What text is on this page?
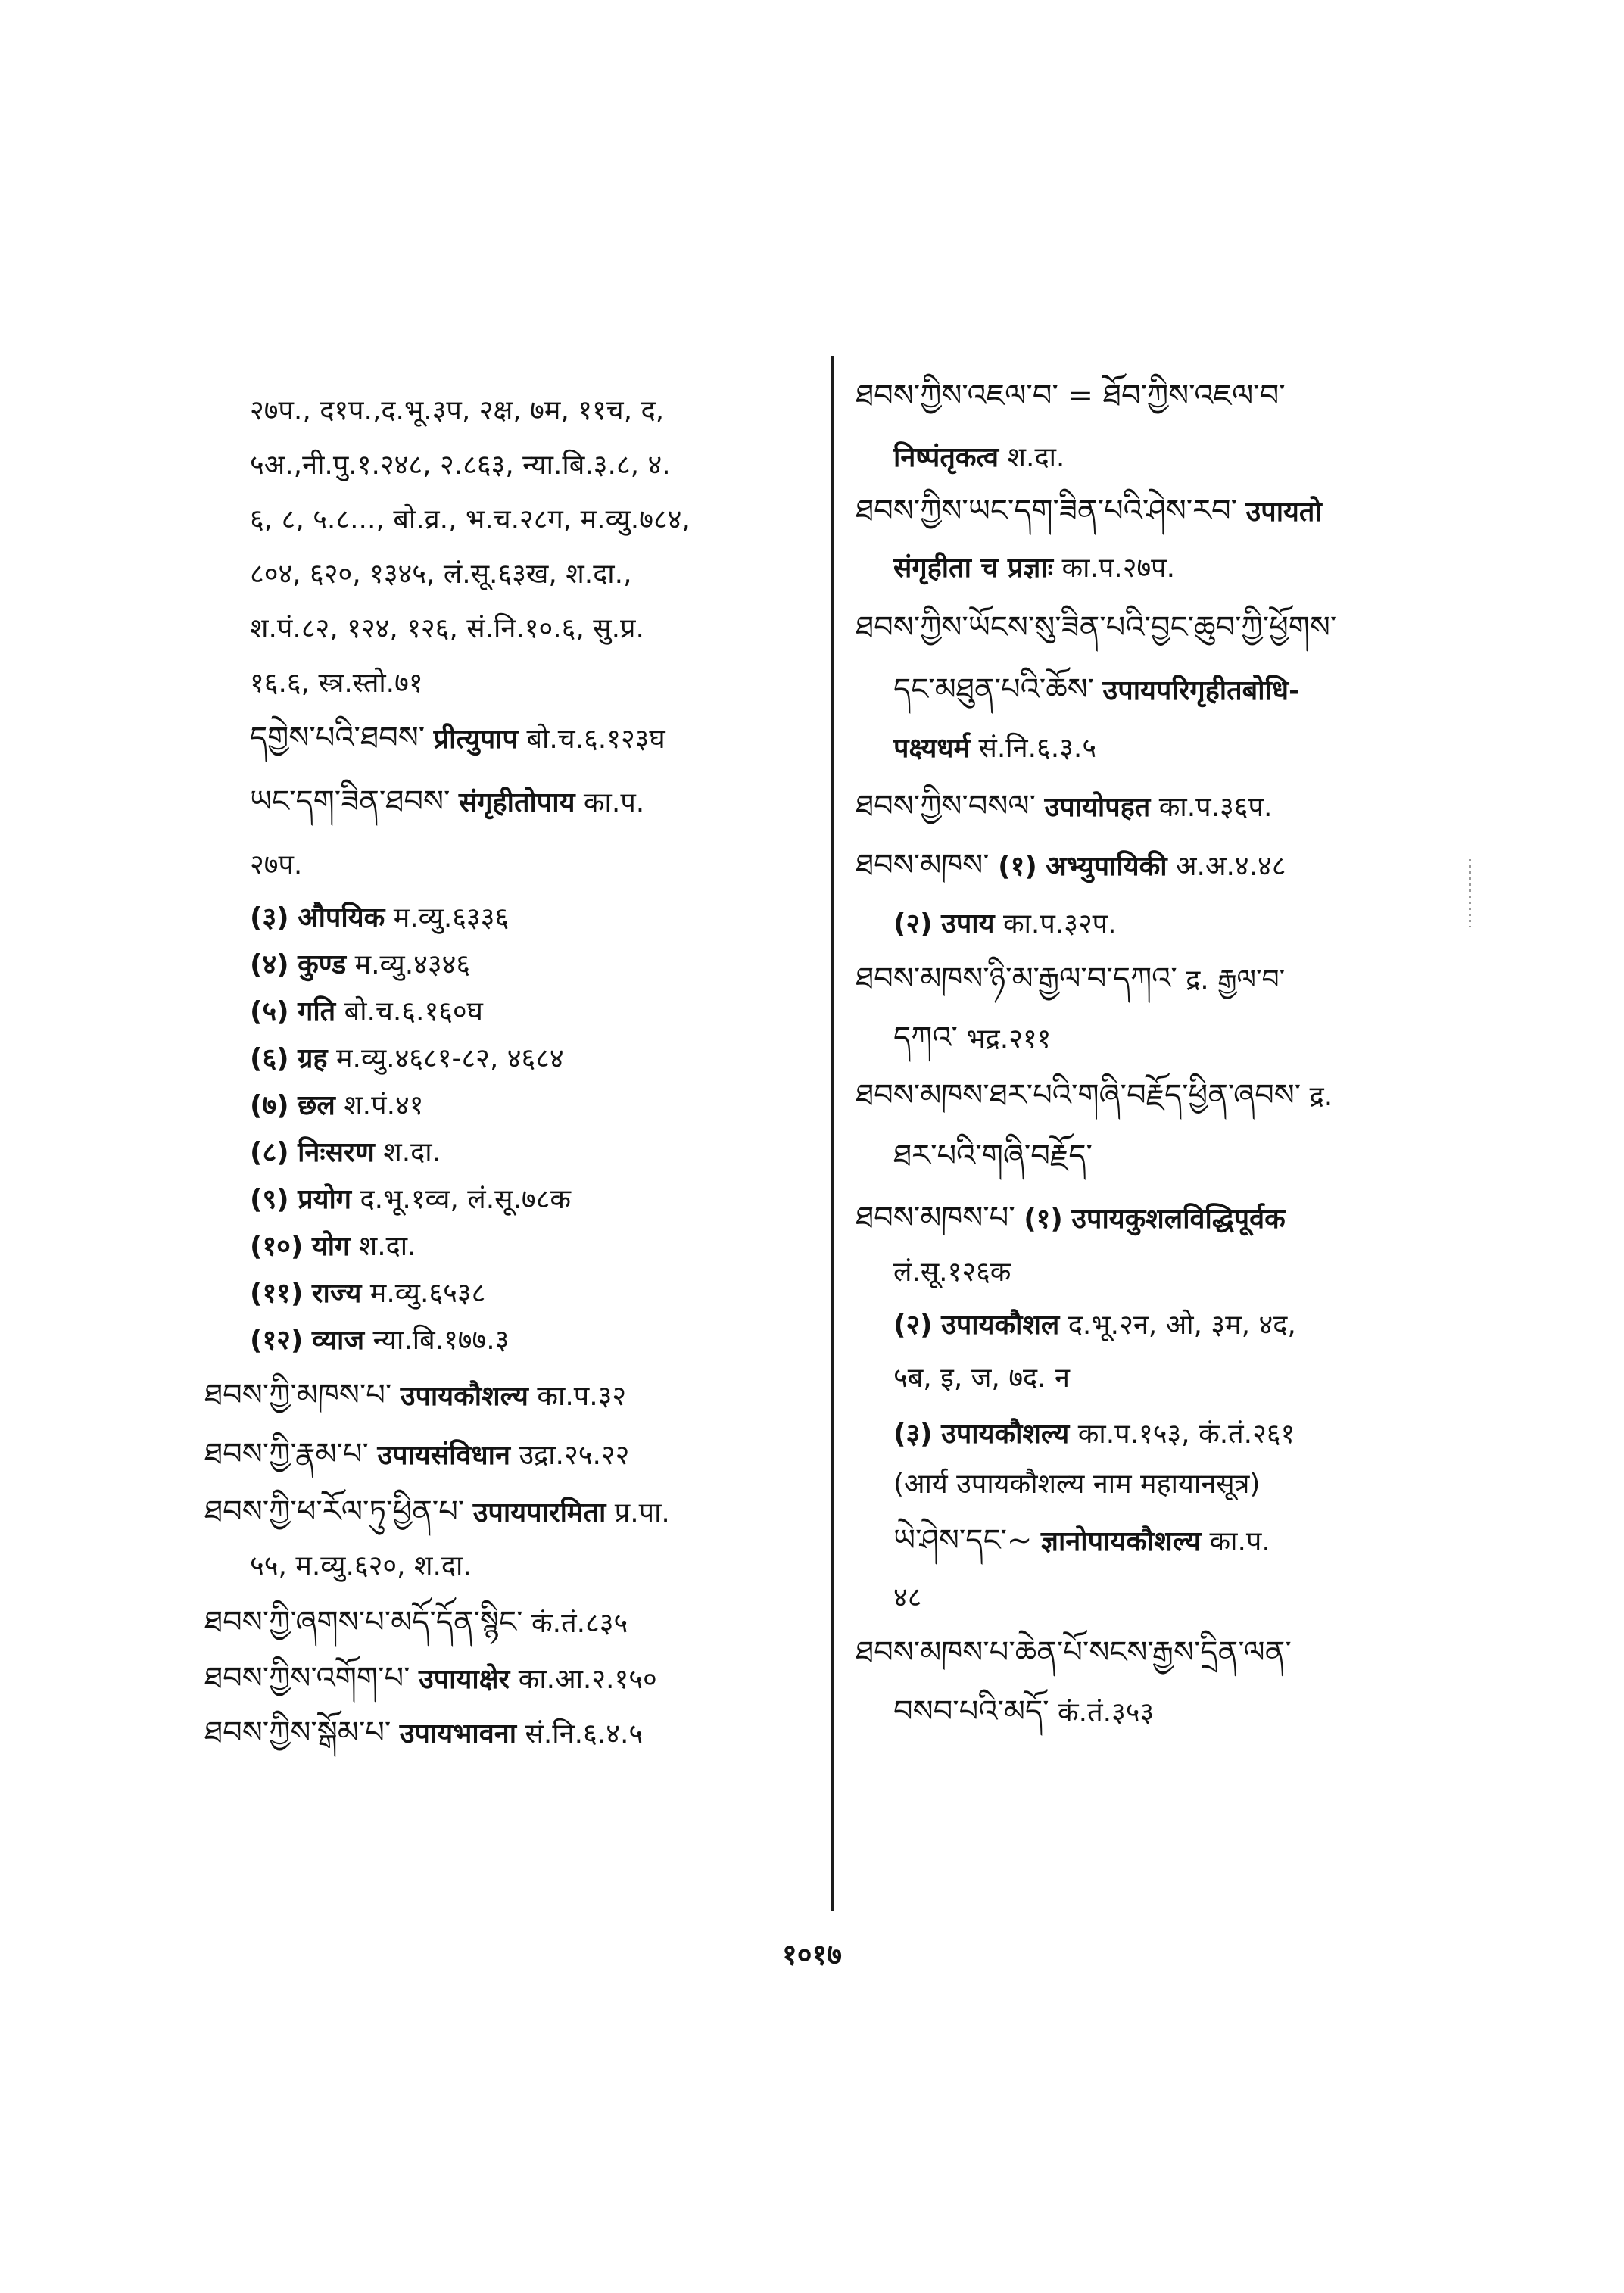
२७प., द१प.,द.भू.३प, २क्ष, ७म, ११च, द,
५अ.,नी.पु.१.२४८, २.८६३, न्या.बि.३.८, ४.
६, ८, ५.८..., बो.व्र., भ.च.२८ग, म.व्यु.७८४,
८०४, ६२०, १३४५, लं.सू.६३ख, श.दा.,
श.पं.८२, १२४, १२६, सं.नि.१०.६, सु.प्र.
१६.६, स्त्र.स्तो.७१
དགྱེས་པའི་ཐབས་ प्रीत्युपाप बो.च.६.१२३घ
ཡང་དག་ཟིན་ཐབས་ संगृहीतोपाय का.प.
२७प.
(३) औपयिक म.व्यु.६३३६
(४) कुण्ड म.व्यु.४३४६
(५) गति बो.च.६.१६०घ
(६) ग्रह म.व्यु.४६८१-८२, ४६८४
(७) छल श.पं.४१
(८) निःसरण श.दा.
(९) प्रयोग द.भू.१व्व, लं.सू.७८क
(१०) योग श.दा.
(११) राज्य म.व्यु.६५३८
(१२) व्याज न्या.बि.१७७.३
ཐབས་ཀྱི་མཁས་པ་ उपायकौशल्य का.प.३२
ཐབས་ཀྱི་རྣམ་པ་ उपायसंविधान उद्रा.२५.२२
ཐབས་ཀྱི་ཕ་རོལ་ཏུ་ཕྱིན་པ་ उपायपारमिता प्र.पा.
५५, म.व्यु.६२०, श.दा.
ཐབས་ཀྱི་ཞགས་པ་མདོ་དོན་སྙིང་ कं.तं.८३५
ཐབས་ཀྱིས་འགོག་པ་ उपायाक्षेर का.आ.२.१५०
ཐབས་ཀྱིས་སྒོམ་པ་ उपायभावना सं.नि.६.४.५
ཐབས་ཀྱིས་འཇལ་བ་ = ཐོབ་ཀྱིས་འཇལ་བ་
निष्पंतृकत्व श.दा.
ཐབས་ཀྱིས་ཡང་དག་ཟིན་པའི་ཤེས་རབ་ उपायतो
संगृहीता च प्रज्ञाः का.प.२७प.
ཐབས་ཀྱིས་ཡོངས་སུ་ཟིན་པའི་བྱང་ཆུབ་ཀྱི་ཕྱོགས་
དང་མཐུན་པའི་ཆོས་ उपायपरिगृहीतबोधि-
पक्ष्यधर्म सं.नि.६.३.५
ཐབས་ཀྱིས་བསལ་ उपायोपहत का.प.३६प.
ཐབས་མཁས་ (१) अभ्युपायिकी अ.अ.४.४८
(२) उपाय का.प.३२प.
ཐབས་མཁས་ཉི་མ་རྒྱལ་བ་དཀའ་ द्र. རྒྱལ་བ་
དཀའ་ भद्र.२११
ཐབས་མཁས་ཐར་པའི་གཞི་བརྗོད་ཕྱིན་ཞབས་ द्र.
ཐར་པའི་གཞི་བརྗོད་
ཐབས་མཁས་པ་ (१) उपायकुशलविद्धिपूर्वक
लं.सू.१२६क
(२) उपायकौशल द.भू.२न, ओ, ३म, ४द,
५ब, इ, ज, ७द. न
(३) उपायकौशल्य का.प.१५३, कं.तं.२६१
(आर्य उपायकौशल्य नाम महायानसूत्र)
ཡེ་ཤེས་དང་~ ज्ञानोपायकौशल्य का.प.
४८
ཐབས་མཁས་པ་ཆེན་པོ་སངས་རྒྱས་དྲིན་ལན་
བསབ་པའི་མདོ་ कं.तं.३५३
१०१७
